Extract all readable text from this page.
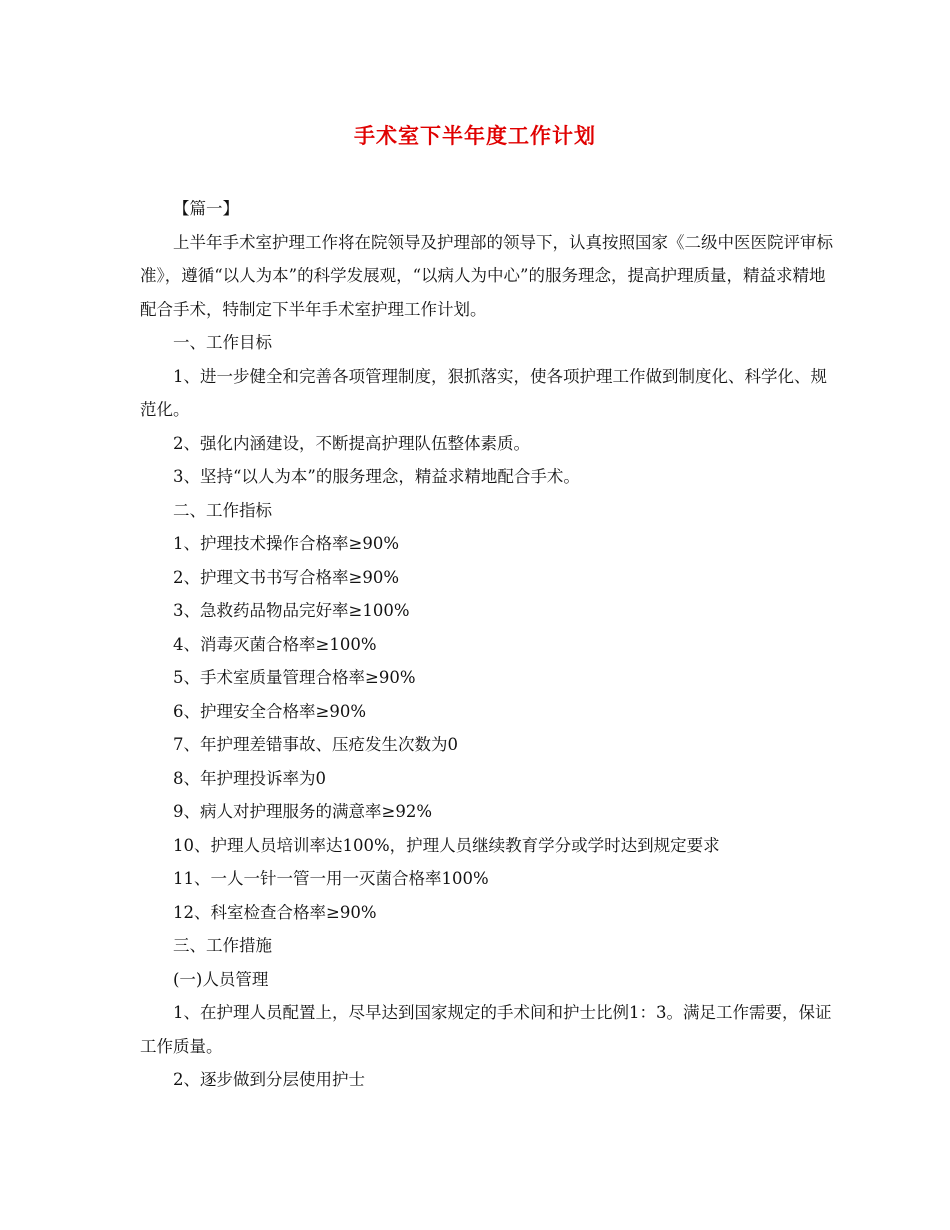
手术室下半年度工作计划

【篇一】

上半年手术室护理工作将在院领导及护理部的领导下，认真按照国家《二级中医医院评审标准》，遵循“以人为本”的科学发展观，“以病人为中心”的服务理念，提高护理质量，精益求精地配合手术，特制定下半年手术室护理工作计划。

一、工作目标

1、进一步健全和完善各项管理制度，狠抓落实，使各项护理工作做到制度化、科学化、规范化。

2、强化内涵建设，不断提高护理队伍整体素质。

3、坚持“以人为本”的服务理念，精益求精地配合手术。

二、工作指标

1、护理技术操作合格率≥90%

2、护理文书书写合格率≥90%

3、急救药品物品完好率≥100%

4、消毒灭菌合格率≥100%

5、手术室质量管理合格率≥90%

6、护理安全合格率≥90%

7、年护理差错事故、压疮发生次数为0

8、年护理投诉率为0

9、病人对护理服务的满意率≥92%

10、护理人员培训率达100%，护理人员继续教育学分或学时达到规定要求

11、一人一针一管一用一灭菌合格率100%

12、科室检查合格率≥90%

三、工作措施

(一)人员管理

1、在护理人员配置上，尽早达到国家规定的手术间和护士比例1：3。满足工作需要，保证工作质量。

2、逐步做到分层使用护士
